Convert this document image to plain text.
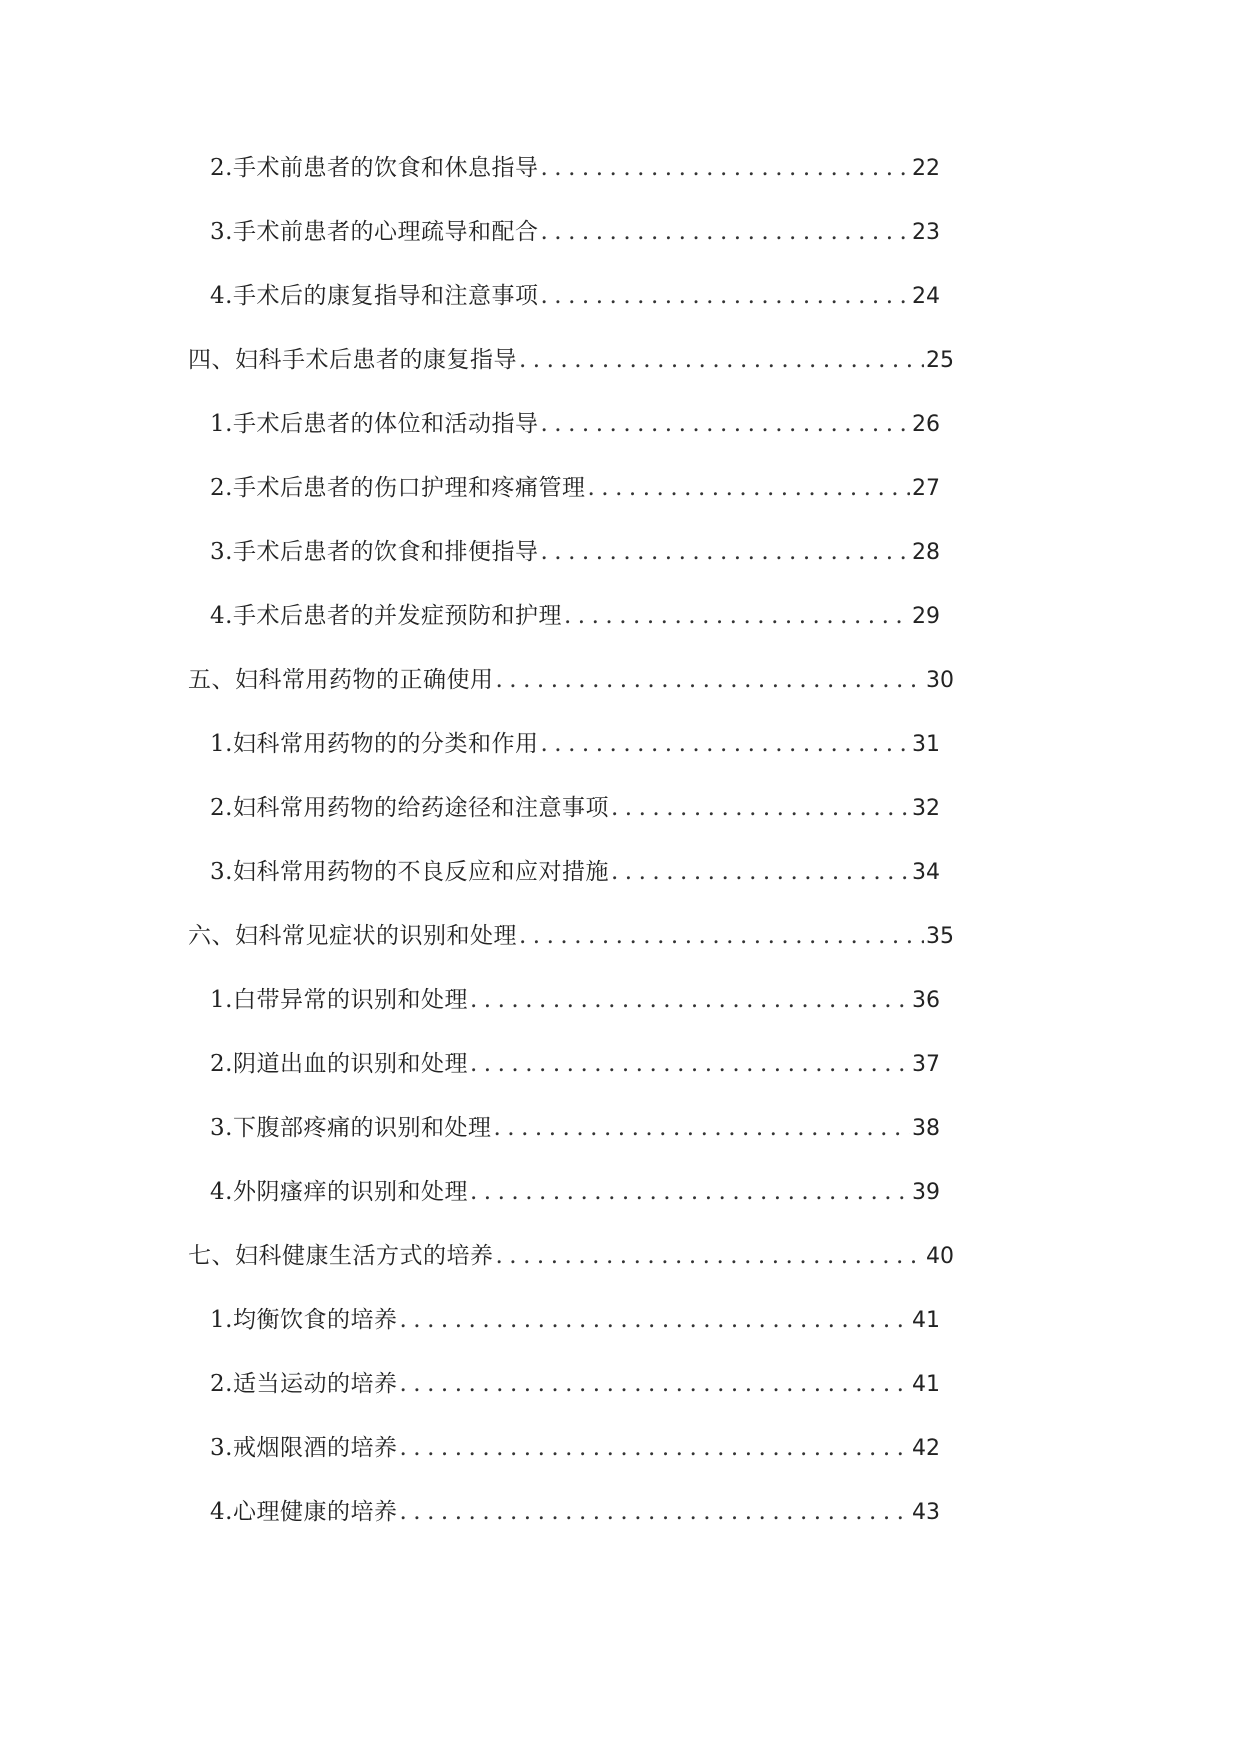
2. 手术前患者的饮食和休息指导 .....	22
3. 手术前患者的心理疏导和配合 .....	23
4. 手术后的康复指导和注意事项 .....	24
四、妇科手术后患者的康复指导 .....	25
1. 手术后患者的体位和活动指导 .....	26
2. 手术后患者的伤口护理和疼痛管理 .....	27
3. 手术后患者的饮食和排便指导 .....	28
4. 手术后患者的并发症预防和护理 .....	29
五、妇科常用药物的正确使用 .....	30
1. 妇科常用药物的的分类和作用 .....	31
2. 妇科常用药物的给药途径和注意事项 .....	32
3. 妇科常用药物的不良反应和应对措施 .....	34
六、妇科常见症状的识别和处理 .....	35
1. 白带异常的识别和处理 .....	36
2. 阴道出血的识别和处理 .....	37
3. 下腹部疼痛的识别和处理 .....	38
4. 外阴瘙痒的识别和处理 .....	39
七、妇科健康生活方式的培养 .....	40
1. 均衡饮食的培养 .....	41
2. 适当运动的培养 .....	41
3. 戒烟限酒的培养 .....	42
4. 心理健康的培养 .....	43
